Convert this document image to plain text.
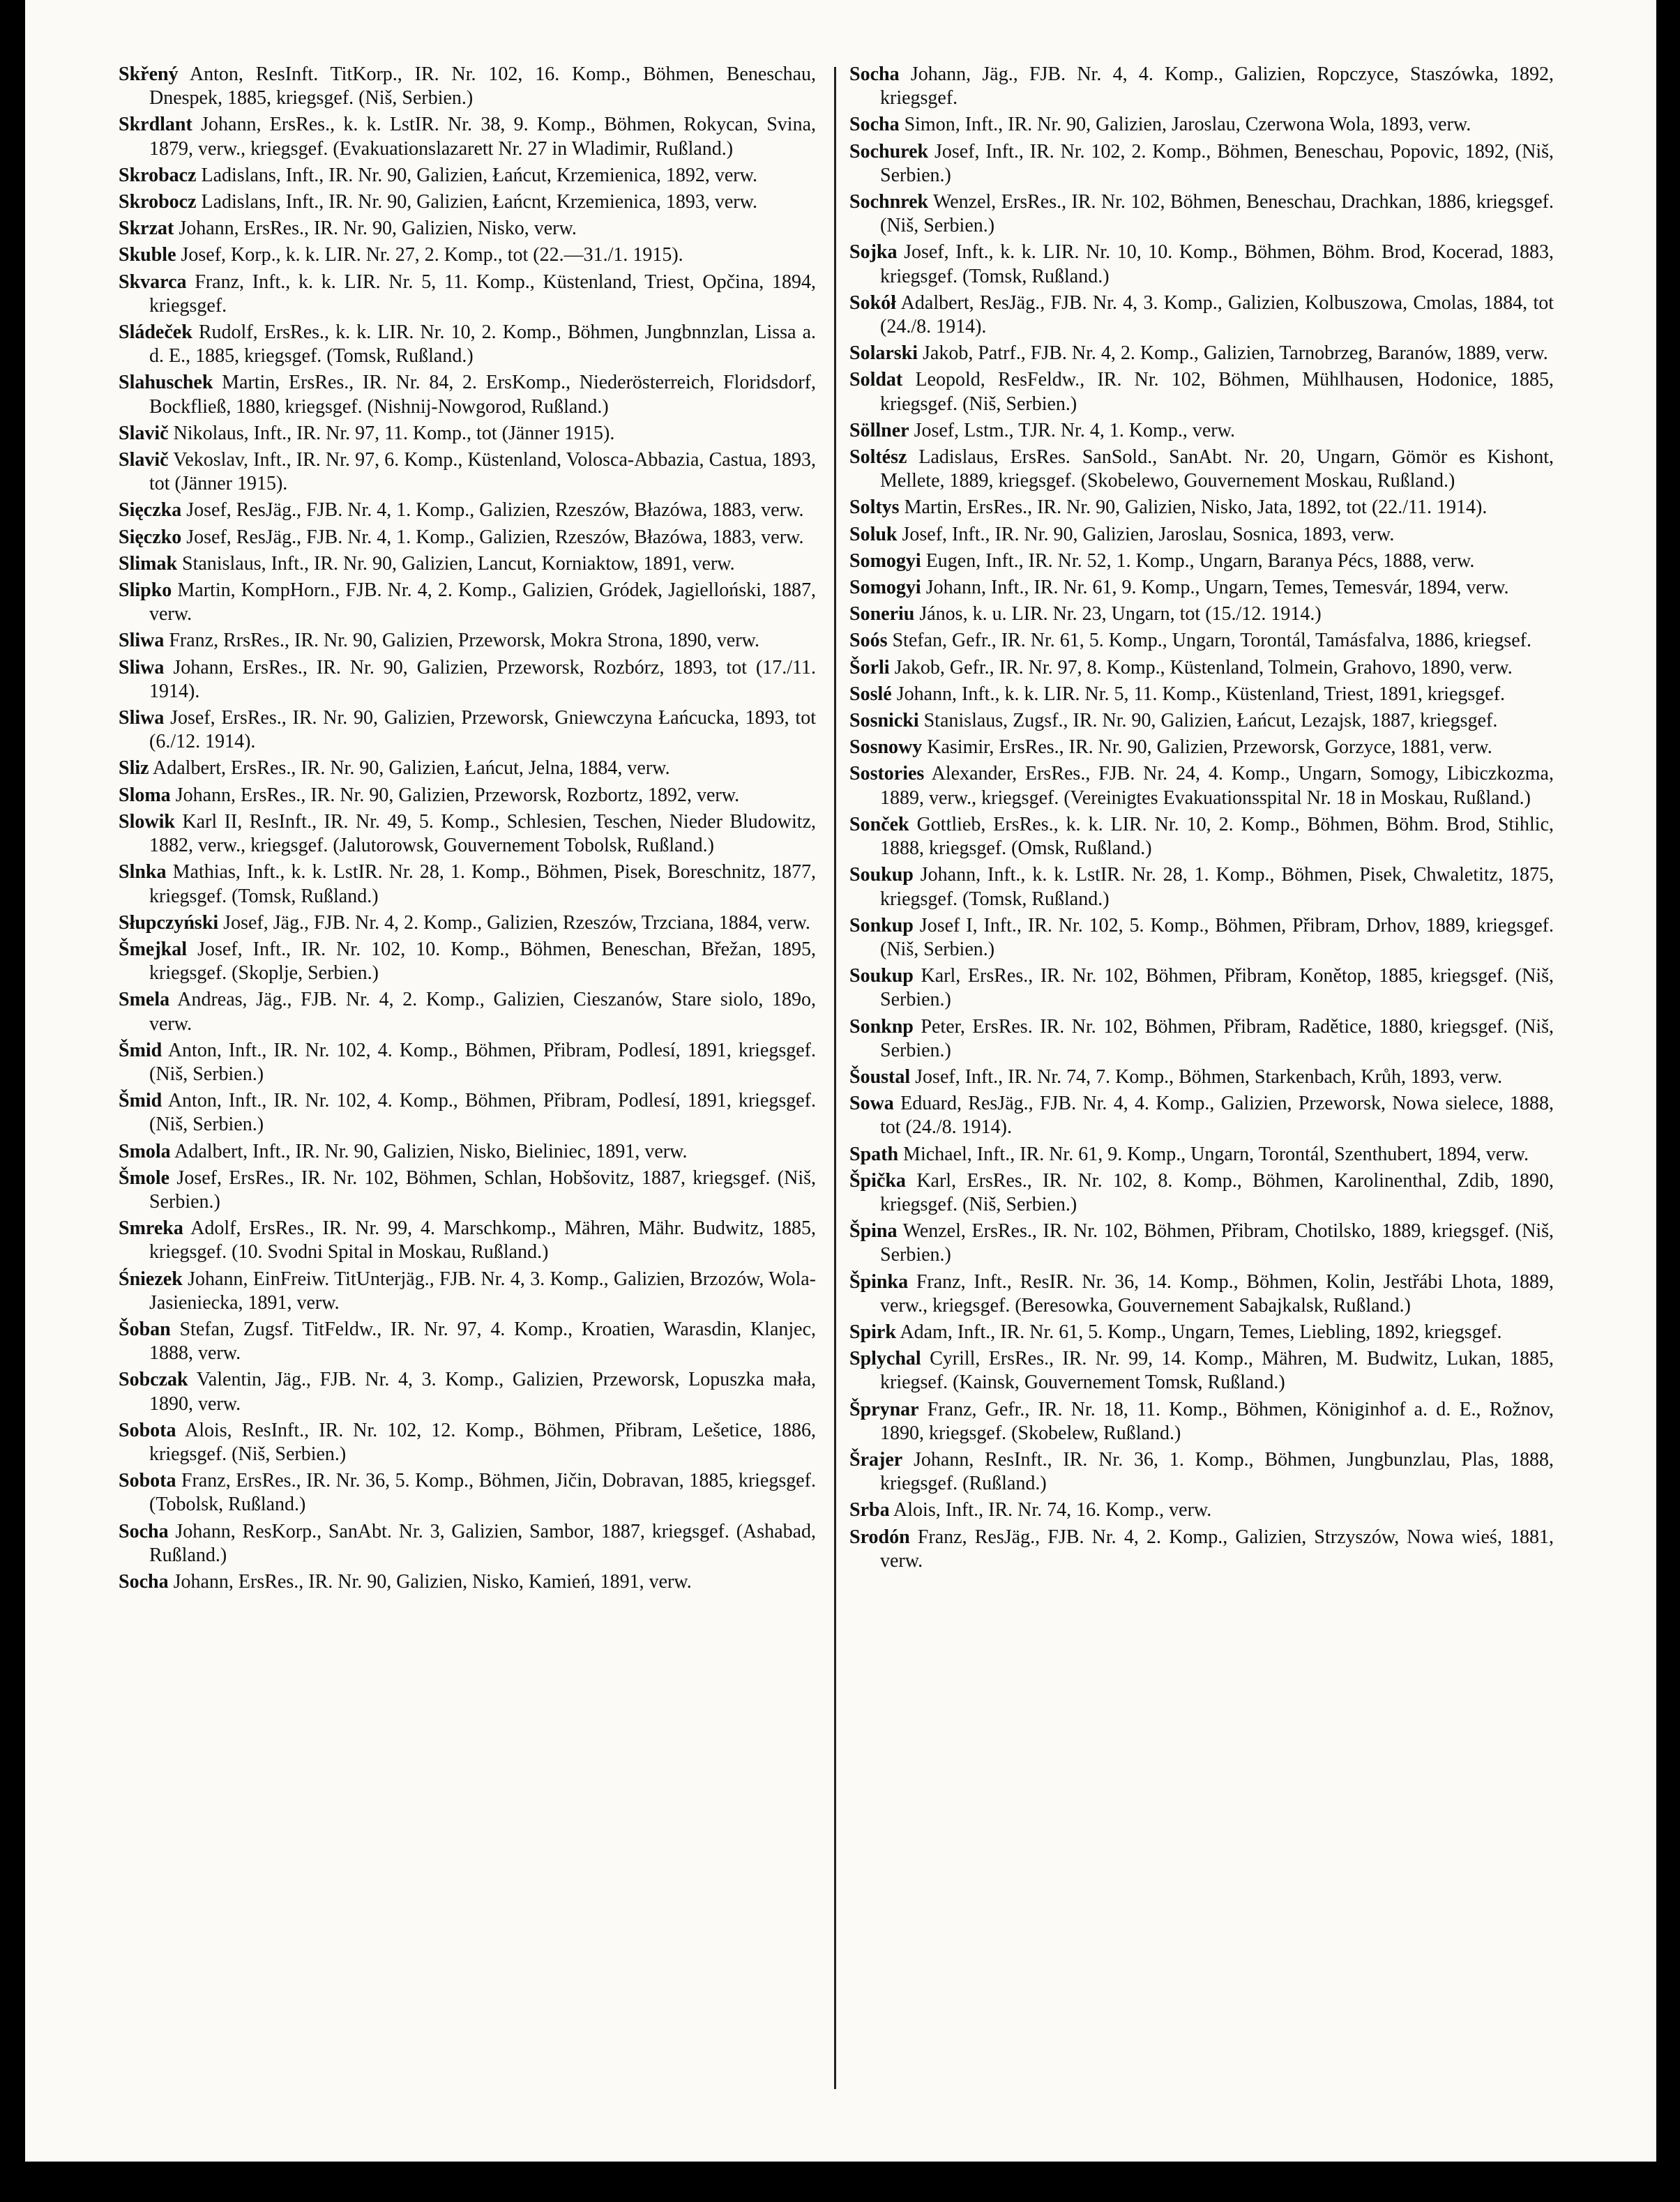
Skřený Anton, ResInft. TitKorp., IR. Nr. 102, 16. Komp., Böhmen, Beneschau, Dnespek, 1885, kriegsgef. (Niš, Serbien.)

Skrdlant Johann, ErsRes., k. k. LstIR. Nr. 38, 9. Komp., Böhmen, Rokycan, Svina, 1879, verw., kriegsgef. (Evakuationslazarett Nr. 27 in Wladimir, Rußland.)

Skrobacz Ladislans, Inft., IR. Nr. 90, Galizien, Łańcut, Krzemienica, 1892, verw.

Skrobocz Ladislans, Inft., IR. Nr. 90, Galizien, Łańcnt, Krzemienica, 1893, verw.

Skrzat Johann, ErsRes., IR. Nr. 90, Galizien, Nisko, verw.

Skuble Josef, Korp., k. k. LIR. Nr. 27, 2. Komp., tot (22.—31./1. 1915).

Skvarca Franz, Inft., k. k. LIR. Nr. 5, 11. Komp., Küstenland, Triest, Opčina, 1894, kriegsgef.

Sládeček Rudolf, ErsRes., k. k. LIR. Nr. 10, 2. Komp., Böhmen, Jungbnnzlan, Lissa a. d. E., 1885, kriegsgef. (Tomsk, Rußland.)

Slahuschek Martin, ErsRes., IR. Nr. 84, 2. ErsKomp., Niederösterreich, Floridsdorf, Bockfließ, 1880, kriegsgef. (Nishnij-Nowgorod, Rußland.)

Slavič Nikolaus, Inft., IR. Nr. 97, 11. Komp., tot (Jänner 1915).

Slavič Vekoslav, Inft., IR. Nr. 97, 6. Komp., Küstenland, Volosca-Abbazia, Castua, 1893, tot (Jänner 1915).

Sięczka Josef, ResJäg., FJB. Nr. 4, 1. Komp., Galizien, Rzeszów, Błazówa, 1883, verw.

Sięczko Josef, ResJäg., FJB. Nr. 4, 1. Komp., Galizien, Rzeszów, Błazówa, 1883, verw.

Slimak Stanislaus, Inft., IR. Nr. 90, Galizien, Lancut, Korniaktow, 1891, verw.

Slipko Martin, KompHorn., FJB. Nr. 4, 2. Komp., Galizien, Gródek, Jagielloński, 1887, verw.

Sliwa Franz, RrsRes., IR. Nr. 90, Galizien, Przeworsk, Mokra Strona, 1890, verw.

Sliwa Johann, ErsRes., IR. Nr. 90, Galizien, Przeworsk, Rozbórz, 1893, tot (17./11. 1914).

Sliwa Josef, ErsRes., IR. Nr. 90, Galizien, Przeworsk, Gniewczyna Łańcucka, 1893, tot (6./12. 1914).

Sliz Adalbert, ErsRes., IR. Nr. 90, Galizien, Łańcut, Jelna, 1884, verw.

Sloma Johann, ErsRes., IR. Nr. 90, Galizien, Przeworsk, Rozbortz, 1892, verw.

Slowik Karl II, ResInft., IR. Nr. 49, 5. Komp., Schlesien, Teschen, Nieder Bludowitz, 1882, verw., kriegsgef. (Jalutorowsk, Gouvernement Tobolsk, Rußland.)

Slnka Mathias, Inft., k. k. LstIR. Nr. 28, 1. Komp., Böhmen, Pisek, Boreschnitz, 1877, kriegsgef. (Tomsk, Rußland.)

Słupczyński Josef, Jäg., FJB. Nr. 4, 2. Komp., Galizien, Rzeszów, Trzciana, 1884, verw.

Šmejkal Josef, Inft., IR. Nr. 102, 10. Komp., Böhmen, Beneschan, Břežan, 1895, kriegsgef. (Skoplje, Serbien.)

Smela Andreas, Jäg., FJB. Nr. 4, 2. Komp., Galizien, Cieszanów, Stare siolo, 189o, verw.

Šmid Anton, Inft., IR. Nr. 102, 4. Komp., Böhmen, Přibram, Podlesí, 1891, kriegsgef. (Niš, Serbien.)

Šmid Anton, Inft., IR. Nr. 102, 4. Komp., Böhmen, Přibram, Podlesí, 1891, kriegsgef. (Niš, Serbien.)

Smola Adalbert, Inft., IR. Nr. 90, Galizien, Nisko, Bieliniec, 1891, verw.

Šmole Josef, ErsRes., IR. Nr. 102, Böhmen, Schlan, Hobšovitz, 1887, kriegsgef. (Niš, Serbien.)

Smreka Adolf, ErsRes., IR. Nr. 99, 4. Marschkomp., Mähren, Mähr. Budwitz, 1885, kriegsgef. (10. Svodni Spital in Moskau, Rußland.)

Śniezek Johann, EinFreiw. TitUnterjäg., FJB. Nr. 4, 3. Komp., Galizien, Brzozów, Wola-Jasieniecka, 1891, verw.

Šoban Stefan, Zugsf. TitFeldw., IR. Nr. 97, 4. Komp., Kroatien, Warasdin, Klanjec, 1888, verw.

Sobczak Valentin, Jäg., FJB. Nr. 4, 3. Komp., Galizien, Przeworsk, Lopuszka mała, 1890, verw.

Sobota Alois, ResInft., IR. Nr. 102, 12. Komp., Böhmen, Přibram, Lešetice, 1886, kriegsgef. (Niš, Serbien.)

Sobota Franz, ErsRes., IR. Nr. 36, 5. Komp., Böhmen, Jičin, Dobravan, 1885, kriegsgef. (Tobolsk, Rußland.)

Socha Johann, ResKorp., SanAbt. Nr. 3, Galizien, Sambor, 1887, kriegsgef. (Ashabad, Rußland.)

Socha Johann, ErsRes., IR. Nr. 90, Galizien, Nisko, Kamień, 1891, verw.

Socha Johann, Jäg., FJB. Nr. 4, 4. Komp., Galizien, Ropczyce, Staszówka, 1892, kriegsgef.

Socha Simon, Inft., IR. Nr. 90, Galizien, Jaroslau, Czerwona Wola, 1893, verw.

Sochurek Josef, Inft., IR. Nr. 102, 2. Komp., Böhmen, Beneschau, Popovic, 1892, (Niš, Serbien.)

Sochnrek Wenzel, ErsRes., IR. Nr. 102, Böhmen, Beneschau, Drachkan, 1886, kriegsgef. (Niš, Serbien.)

Sojka Josef, Inft., k. k. LIR. Nr. 10, 10. Komp., Böhmen, Böhm. Brod, Kocerad, 1883, kriegsgef. (Tomsk, Rußland.)

Sokół Adalbert, ResJäg., FJB. Nr. 4, 3. Komp., Galizien, Kolbuszowa, Cmolas, 1884, tot (24./8. 1914).

Solarski Jakob, Patrf., FJB. Nr. 4, 2. Komp., Galizien, Tarnobrzeg, Baranów, 1889, verw.

Soldat Leopold, ResFeldw., IR. Nr. 102, Böhmen, Mühlhausen, Hodonice, 1885, kriegsgef. (Niš, Serbien.)

Söllner Josef, Lstm., TJR. Nr. 4, 1. Komp., verw.

Soltész Ladislaus, ErsRes. SanSold., SanAbt. Nr. 20, Ungarn, Gömör es Kishont, Mellete, 1889, kriegsgef. (Skobelewo, Gouvernement Moskau, Rußland.)

Soltys Martin, ErsRes., IR. Nr. 90, Galizien, Nisko, Jata, 1892, tot (22./11. 1914).

Soluk Josef, Inft., IR. Nr. 90, Galizien, Jaroslau, Sosnica, 1893, verw.

Somogyi Eugen, Inft., IR. Nr. 52, 1. Komp., Ungarn, Baranya Pécs, 1888, verw.

Somogyi Johann, Inft., IR. Nr. 61, 9. Komp., Ungarn, Temes, Temesvár, 1894, verw.

Soneriu János, k. u. LIR. Nr. 23, Ungarn, tot (15./12. 1914.)

Soós Stefan, Gefr., IR. Nr. 61, 5. Komp., Ungarn, Torontál, Tamásfalva, 1886, kriegsef.

Šorli Jakob, Gefr., IR. Nr. 97, 8. Komp., Küstenland, Tolmein, Grahovo, 1890, verw.

Soslé Johann, Inft., k. k. LIR. Nr. 5, 11. Komp., Küstenland, Triest, 1891, kriegsgef.

Sosnicki Stanislaus, Zugsf., IR. Nr. 90, Galizien, Łańcut, Lezajsk, 1887, kriegsgef.

Sosnowy Kasimir, ErsRes., IR. Nr. 90, Galizien, Przeworsk, Gorzyce, 1881, verw.

Sostories Alexander, ErsRes., FJB. Nr. 24, 4. Komp., Ungarn, Somogy, Libiczkozma, 1889, verw., kriegsgef. (Vereinigtes Evakuationsspital Nr. 18 in Moskau, Rußland.)

Sonček Gottlieb, ErsRes., k. k. LIR. Nr. 10, 2. Komp., Böhmen, Böhm. Brod, Stihlic, 1888, kriegsgef. (Omsk, Rußland.)

Soukup Johann, Inft., k. k. LstIR. Nr. 28, 1. Komp., Böhmen, Pisek, Chwaletitz, 1875, kriegsgef. (Tomsk, Rußland.)

Sonkup Josef I, Inft., IR. Nr. 102, 5. Komp., Böhmen, Přibram, Drhov, 1889, kriegsgef. (Niš, Serbien.)

Soukup Karl, ErsRes., IR. Nr. 102, Böhmen, Přibram, Konětop, 1885, kriegsgef. (Niš, Serbien.)

Sonknp Peter, ErsRes. IR. Nr. 102, Böhmen, Přibram, Radětice, 1880, kriegsgef. (Niš, Serbien.)

Šoustal Josef, Inft., IR. Nr. 74, 7. Komp., Böhmen, Starkenbach, Krůh, 1893, verw.

Sowa Eduard, ResJäg., FJB. Nr. 4, 4. Komp., Galizien, Przeworsk, Nowa sielece, 1888, tot (24./8. 1914).

Spath Michael, Inft., IR. Nr. 61, 9. Komp., Ungarn, Torontál, Szenthubert, 1894, verw.

Špička Karl, ErsRes., IR. Nr. 102, 8. Komp., Böhmen, Karolinenthal, Zdib, 1890, kriegsgef. (Niš, Serbien.)

Špina Wenzel, ErsRes., IR. Nr. 102, Böhmen, Přibram, Chotilsko, 1889, kriegsgef. (Niš, Serbien.)

Špinka Franz, Inft., ResIR. Nr. 36, 14. Komp., Böhmen, Kolin, Jestřábi Lhota, 1889, verw., kriegsgef. (Beresowka, Gouvernement Sabajkalsk, Rußland.)

Spirk Adam, Inft., IR. Nr. 61, 5. Komp., Ungarn, Temes, Liebling, 1892, kriegsgef.

Splychal Cyrill, ErsRes., IR. Nr. 99, 14. Komp., Mähren, M. Budwitz, Lukan, 1885, kriegsef. (Kainsk, Gouvernement Tomsk, Rußland.)

Šprynar Franz, Gefr., IR. Nr. 18, 11. Komp., Böhmen, Königinhof a. d. E., Rožnov, 1890, kriegsgef. (Skobelew, Rußland.)

Šrajer Johann, ResInft., IR. Nr. 36, 1. Komp., Böhmen, Jungbunzlau, Plas, 1888, kriegsgef. (Rußland.)

Srba Alois, Inft., IR. Nr. 74, 16. Komp., verw.

Srodón Franz, ResJäg., FJB. Nr. 4, 2. Komp., Galizien, Strzyszów, Nowa wieś, 1881, verw.
